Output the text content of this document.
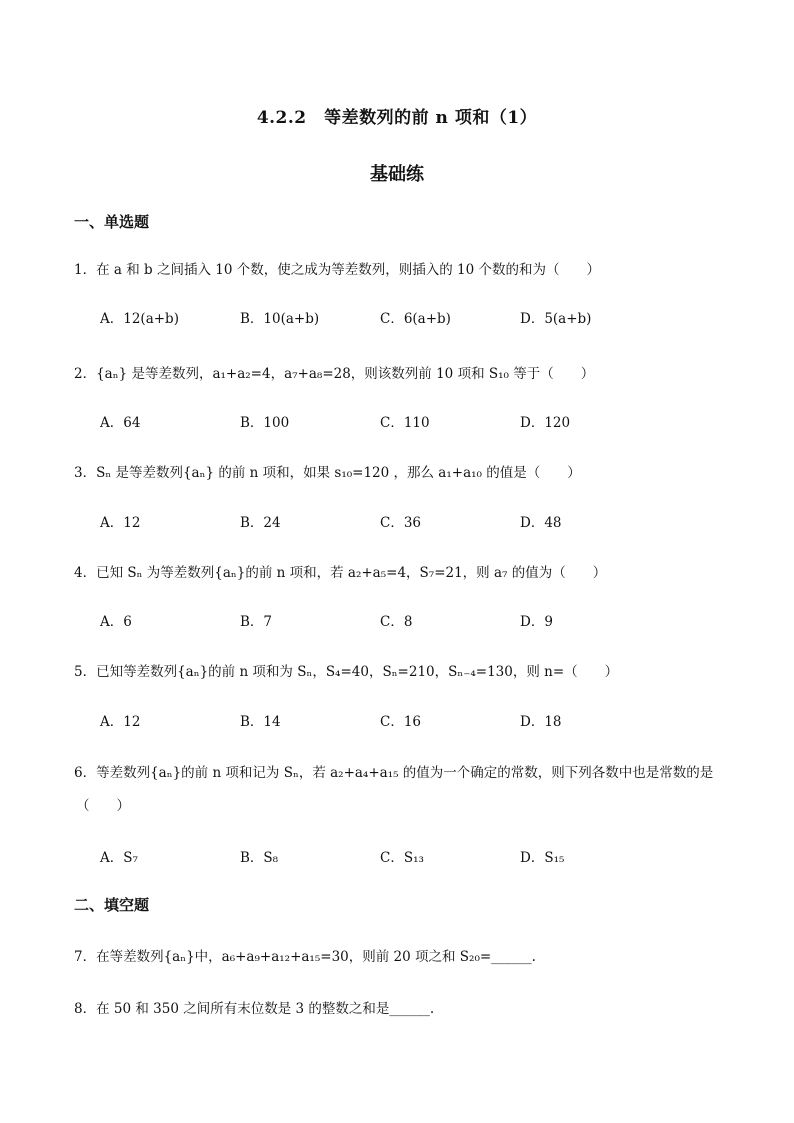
4.2.2　等差数列的前 n 项和（1）
基础练
一、单选题
1．在 a 和 b 之间插入 10 个数，使之成为等差数列，则插入的 10 个数的和为（　　）
A．12(a+b)	B．10(a+b)	C．6(a+b)	D．5(a+b)
2．{aₙ} 是等差数列，a₁+a₂=4，a₇+a₈=28，则该数列前 10 项和 S₁₀ 等于（　　）
A．64	B．100	C．110	D．120
3．Sₙ 是等差数列{aₙ} 的前 n 项和，如果 s₁₀=120 ，那么 a₁+a₁₀ 的值是（　　）
A．12	B．24	C．36	D．48
4．已知 Sₙ 为等差数列{aₙ}的前 n 项和，若 a₂+a₅=4，S₇=21，则 a₇ 的值为（　　）
A．6	B．7	C．8	D．9
5．已知等差数列{aₙ}的前 n 项和为 Sₙ，S₄=40，Sₙ=210，Sₙ₋₄=130，则 n=（　　）
A．12	B．14	C．16	D．18
6．等差数列{aₙ}的前 n 项和记为 Sₙ，若 a₂+a₄+a₁₅ 的值为一个确定的常数，则下列各数中也是常数的是
（　　）
A．S₇	B．S₈	C．S₁₃	D．S₁₅
二、填空题
7．在等差数列{aₙ}中，a₆+a₉+a₁₂+a₁₅=30，则前 20 项之和 S₂₀=______.
8．在 50 和 350 之间所有末位数是 3 的整数之和是______.
